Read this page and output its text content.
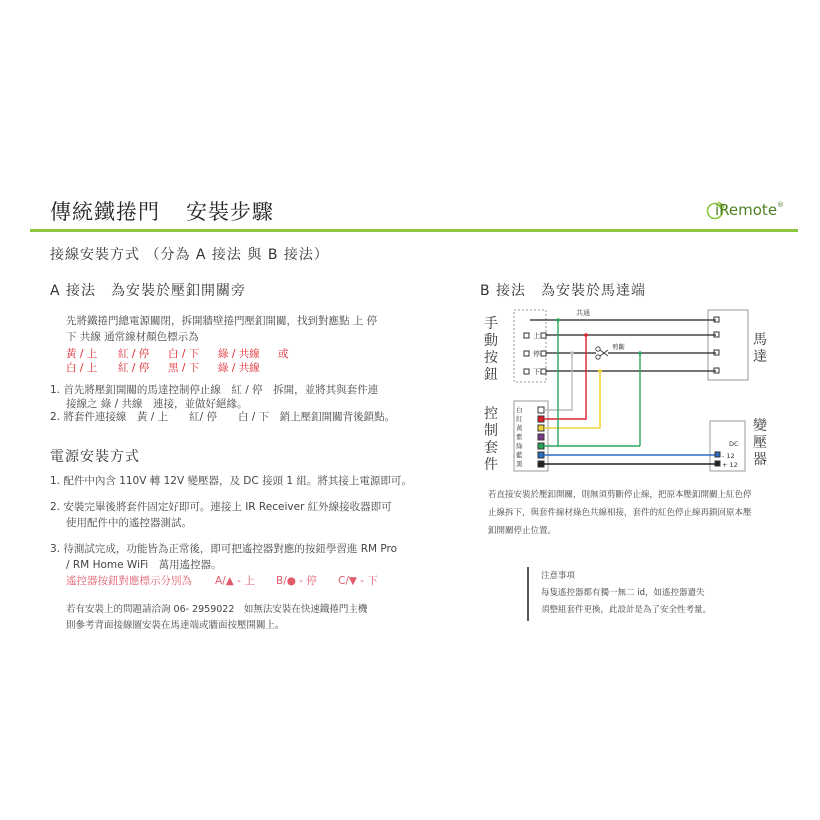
傳統鐵捲門 安裝步驟	iRemote®
接線安裝方式 （分為 A 接法 與 B 接法）
A 接法　為安裝於壓釦開關旁
先將鐵捲門總電源關閉，拆開牆壁捲門壓釦開關，找到對應點 上 停
下 共線 通常線材顏色標示為
黃 / 上 紅 / 停 白 / 下 綠 / 共線 或
白 / 上 紅 / 停 黑 / 下 綠 / 共線
1. 首先將壓釦開關的馬達控制停止線　紅 / 停　拆開，並將其與套件連
接線之 綠 / 共線　連接，並做好絕緣。
2. 將套件連接線　黃 / 上　　紅/ 停　　白 / 下　銷上壓釦開關背後鎖點。
電源安裝方式
1. 配件中內含 110V 轉 12V 變壓器，及 DC 接頭 1 組。將其接上電源即可。
2. 安裝完畢後將套件固定好即可。連接上 IR Receiver 紅外線接收器即可
使用配件中的遙控器測試。
3. 待測試完成，功能皆為正常後，即可把遙控器對應的按鈕學習進 RM Pro
/ RM Home WiFi　萬用遙控器。
遙控器按鈕對應標示分別為 A/▲ - 上 B/● - 停 C/▼ - 下
若有安裝上的問題請洽詢 06- 2959022　如無法安裝在快速鐵捲門主機
則參考背面接線圖安裝在馬達端或牆面按壓開關上。
B 接法　為安裝於馬達端
手動按鈕
控制套件
馬達
變壓器
共通
上
停
下
剪斷
白
紅
黃
紫
綠
藍
黑
DC
- 12
+ 12
若直接安裝於壓釦開關，則無須剪斷停止線，把原本壓釦開關上紅色停
止線拆下，與套件線材綠色共線相接，套件的紅色停止線再鎖回原本壓
釦開關停止位置。
注意事項
每隻遙控器都有獨一無二 id，如遙控器遺失
須整組套件更換，此設計是為了安全性考量。
